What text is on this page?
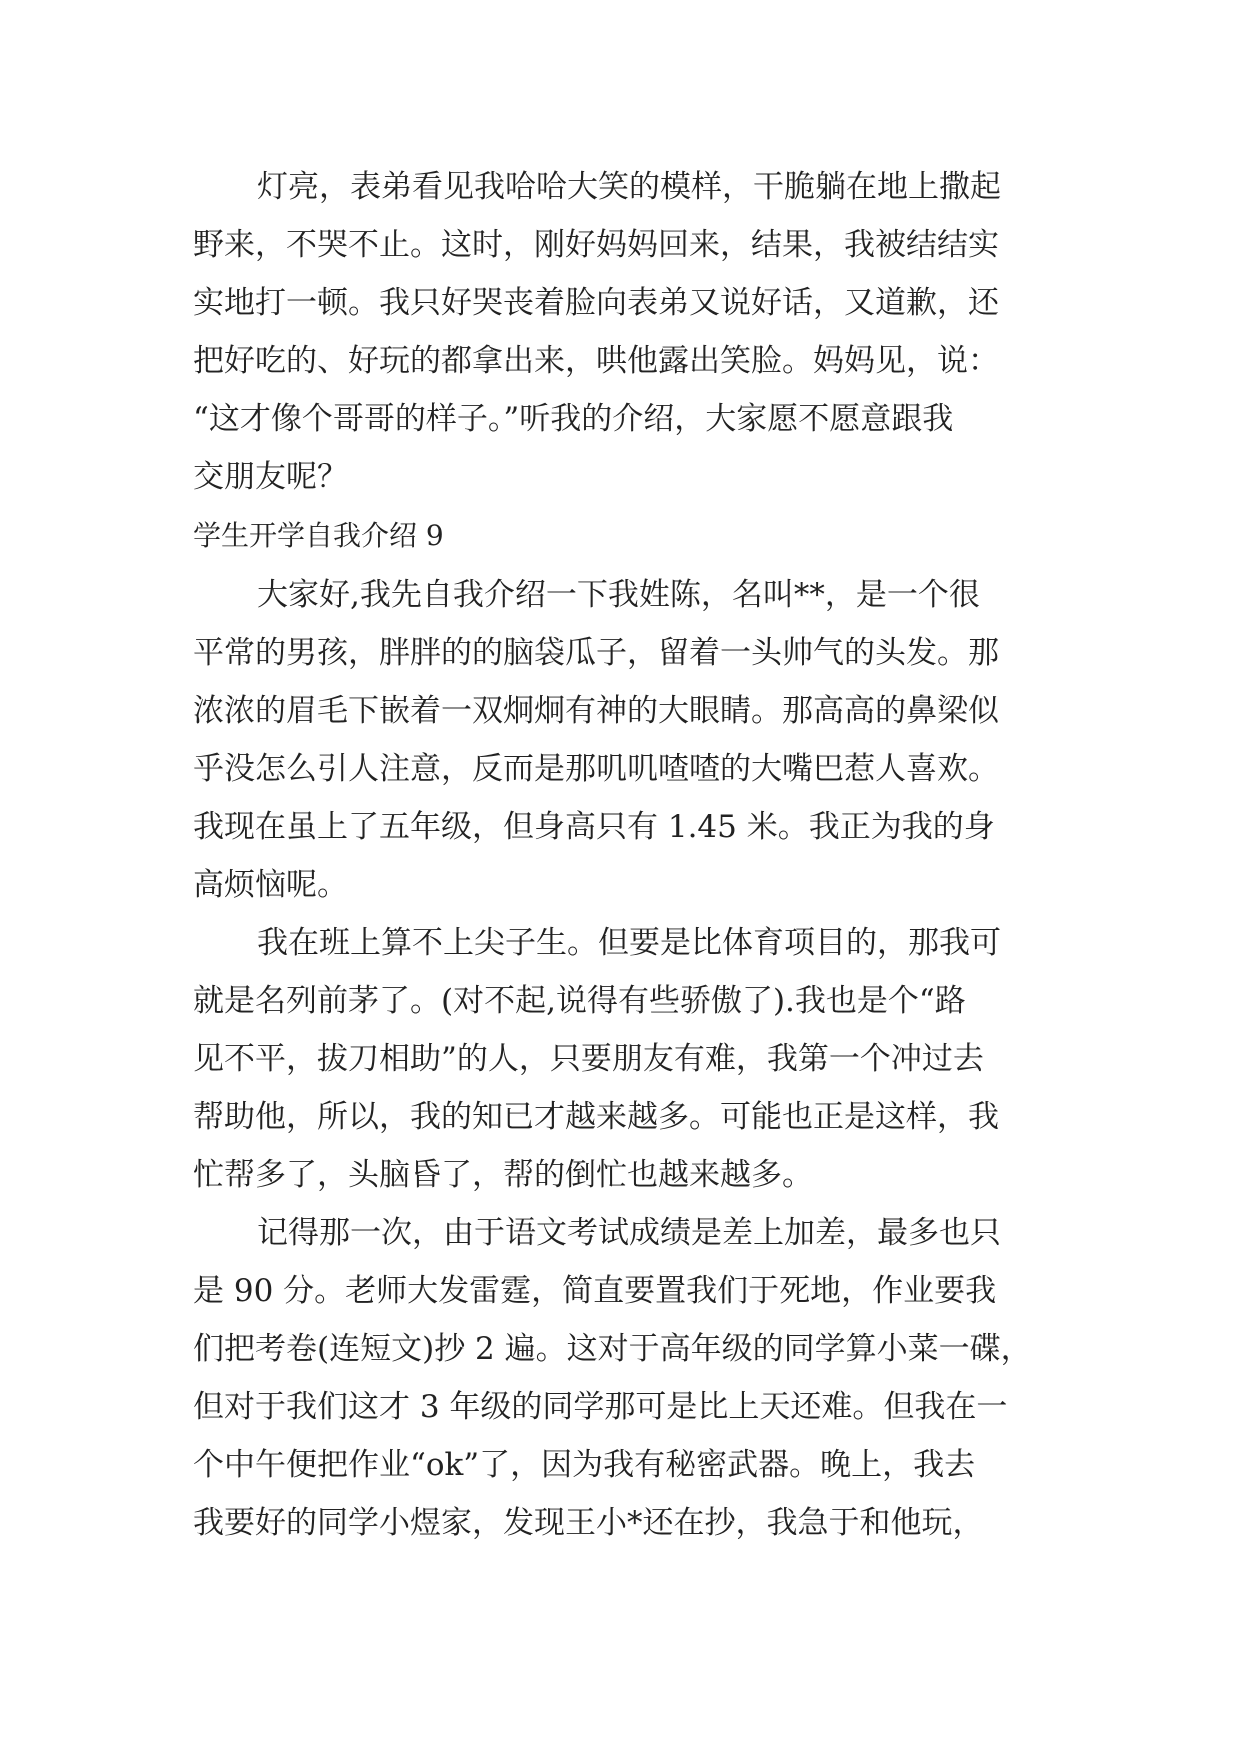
灯亮，表弟看见我哈哈大笑的模样，干脆躺在地上撒起

野来，不哭不止。这时，刚好妈妈回来，结果，我被结结实

实地打一顿。我只好哭丧着脸向表弟又说好话，又道歉，还

把好吃的、好玩的都拿出来，哄他露出笑脸。妈妈见，说：

“这才像个哥哥的样子。”听我的介绍，大家愿不愿意跟我

交朋友呢？

学生开学自我介绍 9

大家好,我先自我介绍一下我姓陈，名叫**，是一个很

平常的男孩，胖胖的的脑袋瓜子，留着一头帅气的头发。那

浓浓的眉毛下嵌着一双炯炯有神的大眼睛。那高高的鼻梁似

乎没怎么引人注意，反而是那叽叽喳喳的大嘴巴惹人喜欢。

我现在虽上了五年级，但身高只有 1.45 米。我正为我的身

高烦恼呢。

我在班上算不上尖子生。但要是比体育项目的，那我可

就是名列前茅了。(对不起,说得有些骄傲了).我也是个“路

见不平，拔刀相助”的人，只要朋友有难，我第一个冲过去

帮助他，所以，我的知已才越来越多。可能也正是这样，我

忙帮多了，头脑昏了，帮的倒忙也越来越多。

记得那一次，由于语文考试成绩是差上加差，最多也只

是 90 分。老师大发雷霆，简直要置我们于死地，作业要我

们把考卷(连短文)抄 2 遍。这对于高年级的同学算小菜一碟，

但对于我们这才 3 年级的同学那可是比上天还难。但我在一

个中午便把作业“ok”了，因为我有秘密武器。晚上，我去

我要好的同学小煜家，发现王小*还在抄，我急于和他玩，
